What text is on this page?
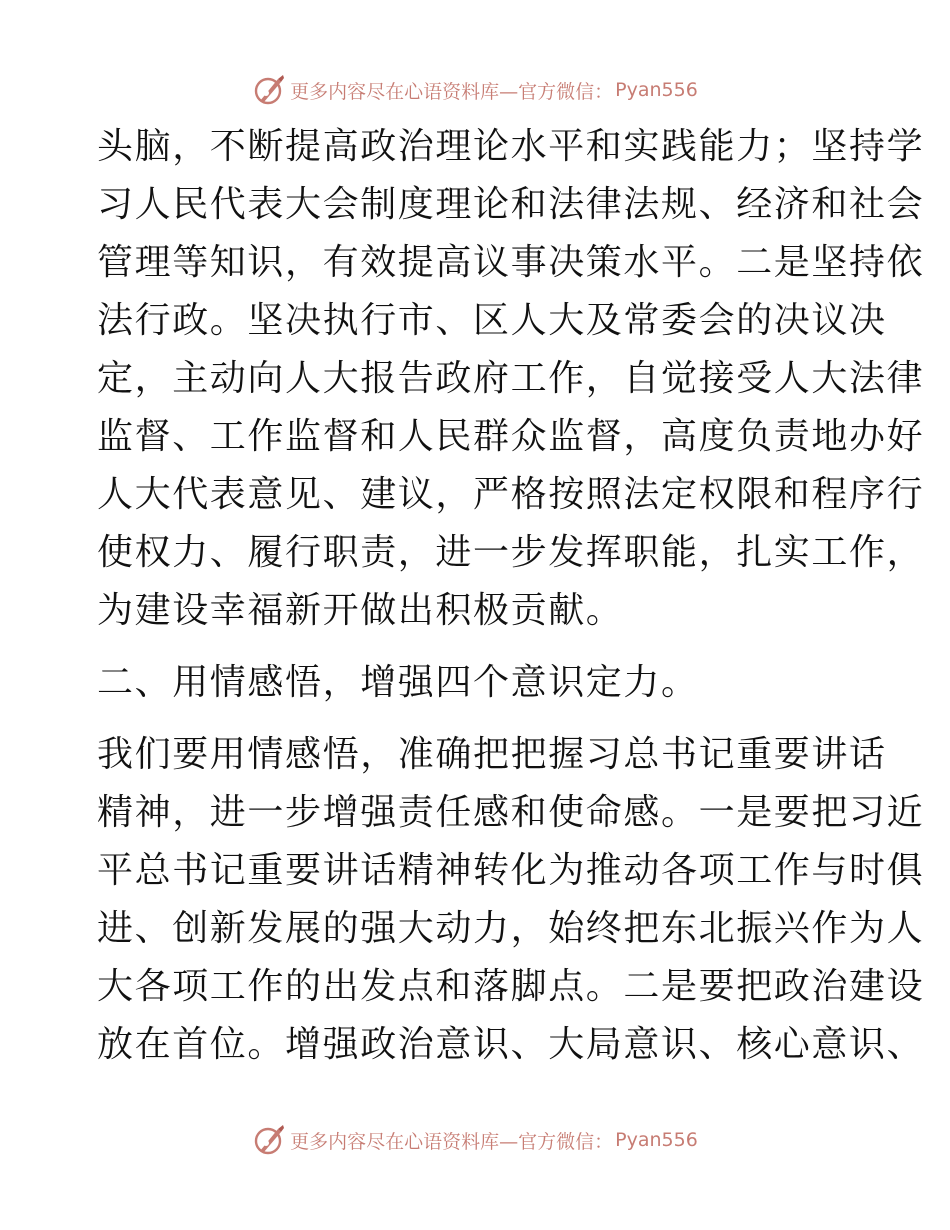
更多内容尽在心语资料库—官方微信： Pyan556
头脑，不断提高政治理论水平和实践能力；坚持学
习人民代表大会制度理论和法律法规、经济和社会
管理等知识，有效提高议事决策水平。二是坚持依
法行政。坚决执行市、区人大及常委会的决议决
定，主动向人大报告政府工作，自觉接受人大法律
监督、工作监督和人民群众监督，高度负责地办好
人大代表意见、建议，严格按照法定权限和程序行
使权力、履行职责，进一步发挥职能，扎实工作，
为建设幸福新开做出积极贡献。
二、用情感悟，增强四个意识定力。
我们要用情感悟，准确把把握习总书记重要讲话
精神，进一步增强责任感和使命感。一是要把习近
平总书记重要讲话精神转化为推动各项工作与时俱
进、创新发展的强大动力，始终把东北振兴作为人
大各项工作的出发点和落脚点。二是要把政治建设
放在首位。增强政治意识、大局意识、核心意识、
更多内容尽在心语资料库—官方微信： Pyan556
